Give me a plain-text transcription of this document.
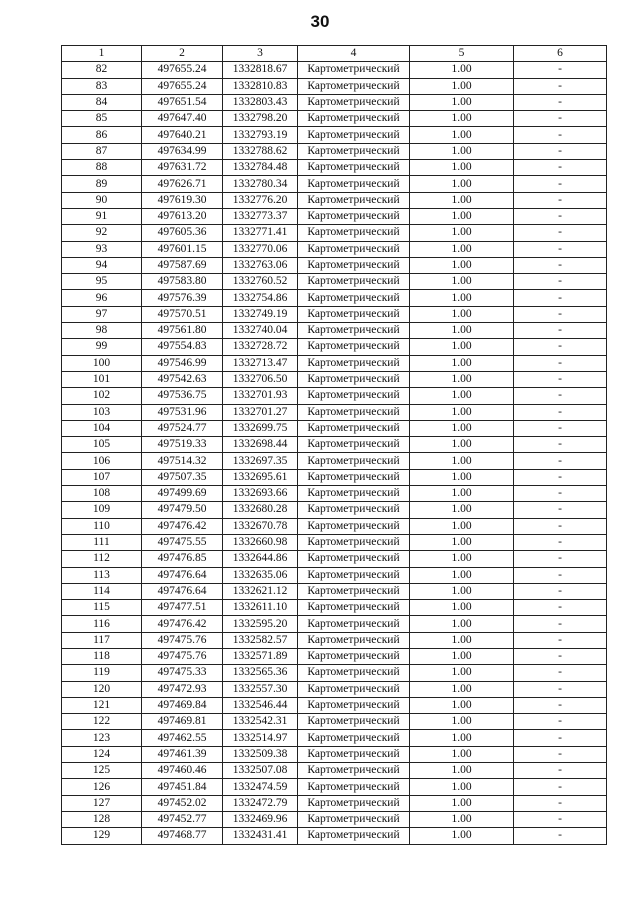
30
1	2	3	4	5	6
82	497655.24	1332818.67	Картометрический	1.00	-
83	497655.24	1332810.83	Картометрический	1.00	-
84	497651.54	1332803.43	Картометрический	1.00	-
85	497647.40	1332798.20	Картометрический	1.00	-
86	497640.21	1332793.19	Картометрический	1.00	-
87	497634.99	1332788.62	Картометрический	1.00	-
88	497631.72	1332784.48	Картометрический	1.00	-
89	497626.71	1332780.34	Картометрический	1.00	-
90	497619.30	1332776.20	Картометрический	1.00	-
91	497613.20	1332773.37	Картометрический	1.00	-
92	497605.36	1332771.41	Картометрический	1.00	-
93	497601.15	1332770.06	Картометрический	1.00	-
94	497587.69	1332763.06	Картометрический	1.00	-
95	497583.80	1332760.52	Картометрический	1.00	-
96	497576.39	1332754.86	Картометрический	1.00	-
97	497570.51	1332749.19	Картометрический	1.00	-
98	497561.80	1332740.04	Картометрический	1.00	-
99	497554.83	1332728.72	Картометрический	1.00	-
100	497546.99	1332713.47	Картометрический	1.00	-
101	497542.63	1332706.50	Картометрический	1.00	-
102	497536.75	1332701.93	Картометрический	1.00	-
103	497531.96	1332701.27	Картометрический	1.00	-
104	497524.77	1332699.75	Картометрический	1.00	-
105	497519.33	1332698.44	Картометрический	1.00	-
106	497514.32	1332697.35	Картометрический	1.00	-
107	497507.35	1332695.61	Картометрический	1.00	-
108	497499.69	1332693.66	Картометрический	1.00	-
109	497479.50	1332680.28	Картометрический	1.00	-
110	497476.42	1332670.78	Картометрический	1.00	-
111	497475.55	1332660.98	Картометрический	1.00	-
112	497476.85	1332644.86	Картометрический	1.00	-
113	497476.64	1332635.06	Картометрический	1.00	-
114	497476.64	1332621.12	Картометрический	1.00	-
115	497477.51	1332611.10	Картометрический	1.00	-
116	497476.42	1332595.20	Картометрический	1.00	-
117	497475.76	1332582.57	Картометрический	1.00	-
118	497475.76	1332571.89	Картометрический	1.00	-
119	497475.33	1332565.36	Картометрический	1.00	-
120	497472.93	1332557.30	Картометрический	1.00	-
121	497469.84	1332546.44	Картометрический	1.00	-
122	497469.81	1332542.31	Картометрический	1.00	-
123	497462.55	1332514.97	Картометрический	1.00	-
124	497461.39	1332509.38	Картометрический	1.00	-
125	497460.46	1332507.08	Картометрический	1.00	-
126	497451.84	1332474.59	Картометрический	1.00	-
127	497452.02	1332472.79	Картометрический	1.00	-
128	497452.77	1332469.96	Картометрический	1.00	-
129	497468.77	1332431.41	Картометрический	1.00	-
